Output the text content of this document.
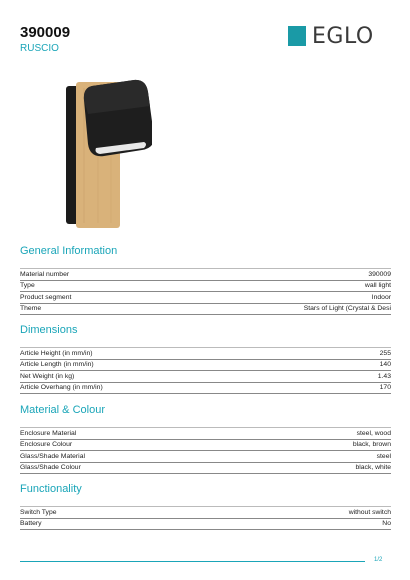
390009
RUSCIO	EGLO
General Information
Material number	390009
Type	wall light
Product segment	Indoor
Theme	Stars of Light (Crystal & Desi
Dimensions
Article Height (in mm/in)	255
Article Length (in mm/in)	140
Net Weight (in kg)	1.43
Article Overhang (in mm/in)	170
Material & Colour
Enclosure Material	steel, wood
Enclosure Colour	black, brown
Glass/Shade Material	steel
Glass/Shade Colour	black, white
Functionality
Switch Type	without switch
Battery	No
1/2
